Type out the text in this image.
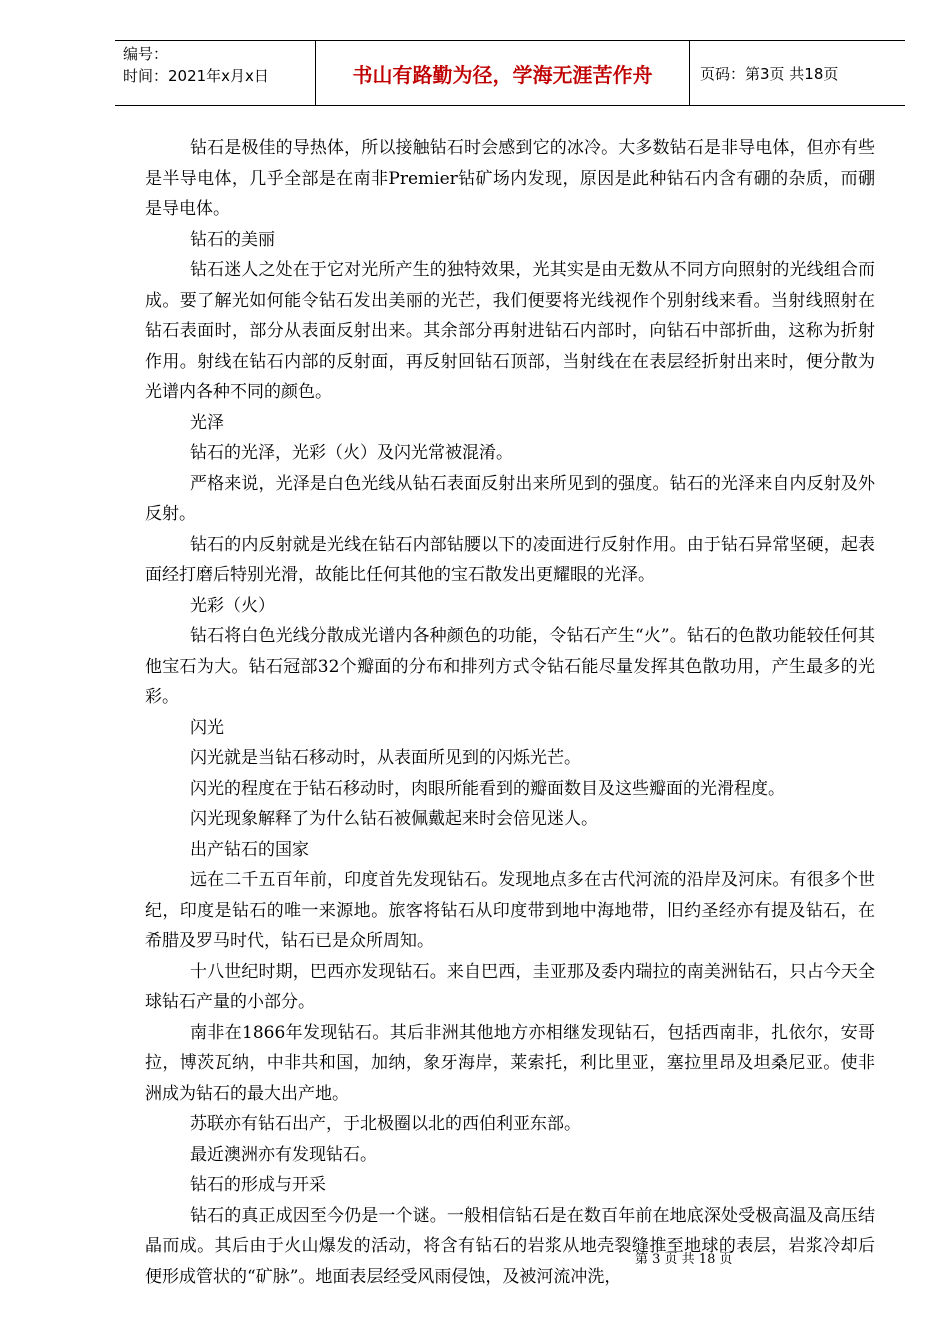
编号：
时间：2021年x月x日	书山有路勤为径，学海无涯苦作舟	页码：第3页 共18页

钻石是极佳的导热体，所以接触钻石时会感到它的冰冷。大多数钻石是非导电体，但亦有些是半导电体，几乎全部是在南非Premier钻矿场内发现，原因是此种钻石内含有硼的杂质，而硼是导电体。

钻石的美丽

钻石迷人之处在于它对光所产生的独特效果，光其实是由无数从不同方向照射的光线组合而成。要了解光如何能令钻石发出美丽的光芒，我们便要将光线视作个别射线来看。当射线照射在钻石表面时，部分从表面反射出来。其余部分再射进钻石内部时，向钻石中部折曲，这称为折射作用。射线在钻石内部的反射面，再反射回钻石顶部，当射线在在表层经折射出来时，便分散为光谱内各种不同的颜色。

光泽

钻石的光泽，光彩（火）及闪光常被混淆。

严格来说，光泽是白色光线从钻石表面反射出来所见到的强度。钻石的光泽来自内反射及外反射。

钻石的内反射就是光线在钻石内部钻腰以下的凌面进行反射作用。由于钻石异常坚硬，起表面经打磨后特别光滑，故能比任何其他的宝石散发出更耀眼的光泽。

光彩（火）

钻石将白色光线分散成光谱内各种颜色的功能，令钻石产生“火”。钻石的色散功能较任何其他宝石为大。钻石冠部32个瓣面的分布和排列方式令钻石能尽量发挥其色散功用，产生最多的光彩。

闪光

闪光就是当钻石移动时，从表面所见到的闪烁光芒。

闪光的程度在于钻石移动时，肉眼所能看到的瓣面数目及这些瓣面的光滑程度。

闪光现象解释了为什么钻石被佩戴起来时会倍见迷人。

出产钻石的国家

远在二千五百年前，印度首先发现钻石。发现地点多在古代河流的沿岸及河床。有很多个世纪，印度是钻石的唯一来源地。旅客将钻石从印度带到地中海地带，旧约圣经亦有提及钻石，在希腊及罗马时代，钻石已是众所周知。

十八世纪时期，巴西亦发现钻石。来自巴西，圭亚那及委内瑞拉的南美洲钻石，只占今天全球钻石产量的小部分。

南非在1866年发现钻石。其后非洲其他地方亦相继发现钻石，包括西南非，扎依尔，安哥拉，博茨瓦纳，中非共和国，加纳，象牙海岸，莱索托，利比里亚，塞拉里昂及坦桑尼亚。使非洲成为钻石的最大出产地。

苏联亦有钻石出产，于北极圈以北的西伯利亚东部。

最近澳洲亦有发现钻石。

钻石的形成与开采

钻石的真正成因至今仍是一个谜。一般相信钻石是在数百年前在地底深处受极高温及高压结晶而成。其后由于火山爆发的活动，将含有钻石的岩浆从地壳裂缝推至地球的表层，岩浆冷却后便形成管状的“矿脉”。地面表层经受风雨侵蚀，及被河流冲洗，

第 3 页 共 18 页
